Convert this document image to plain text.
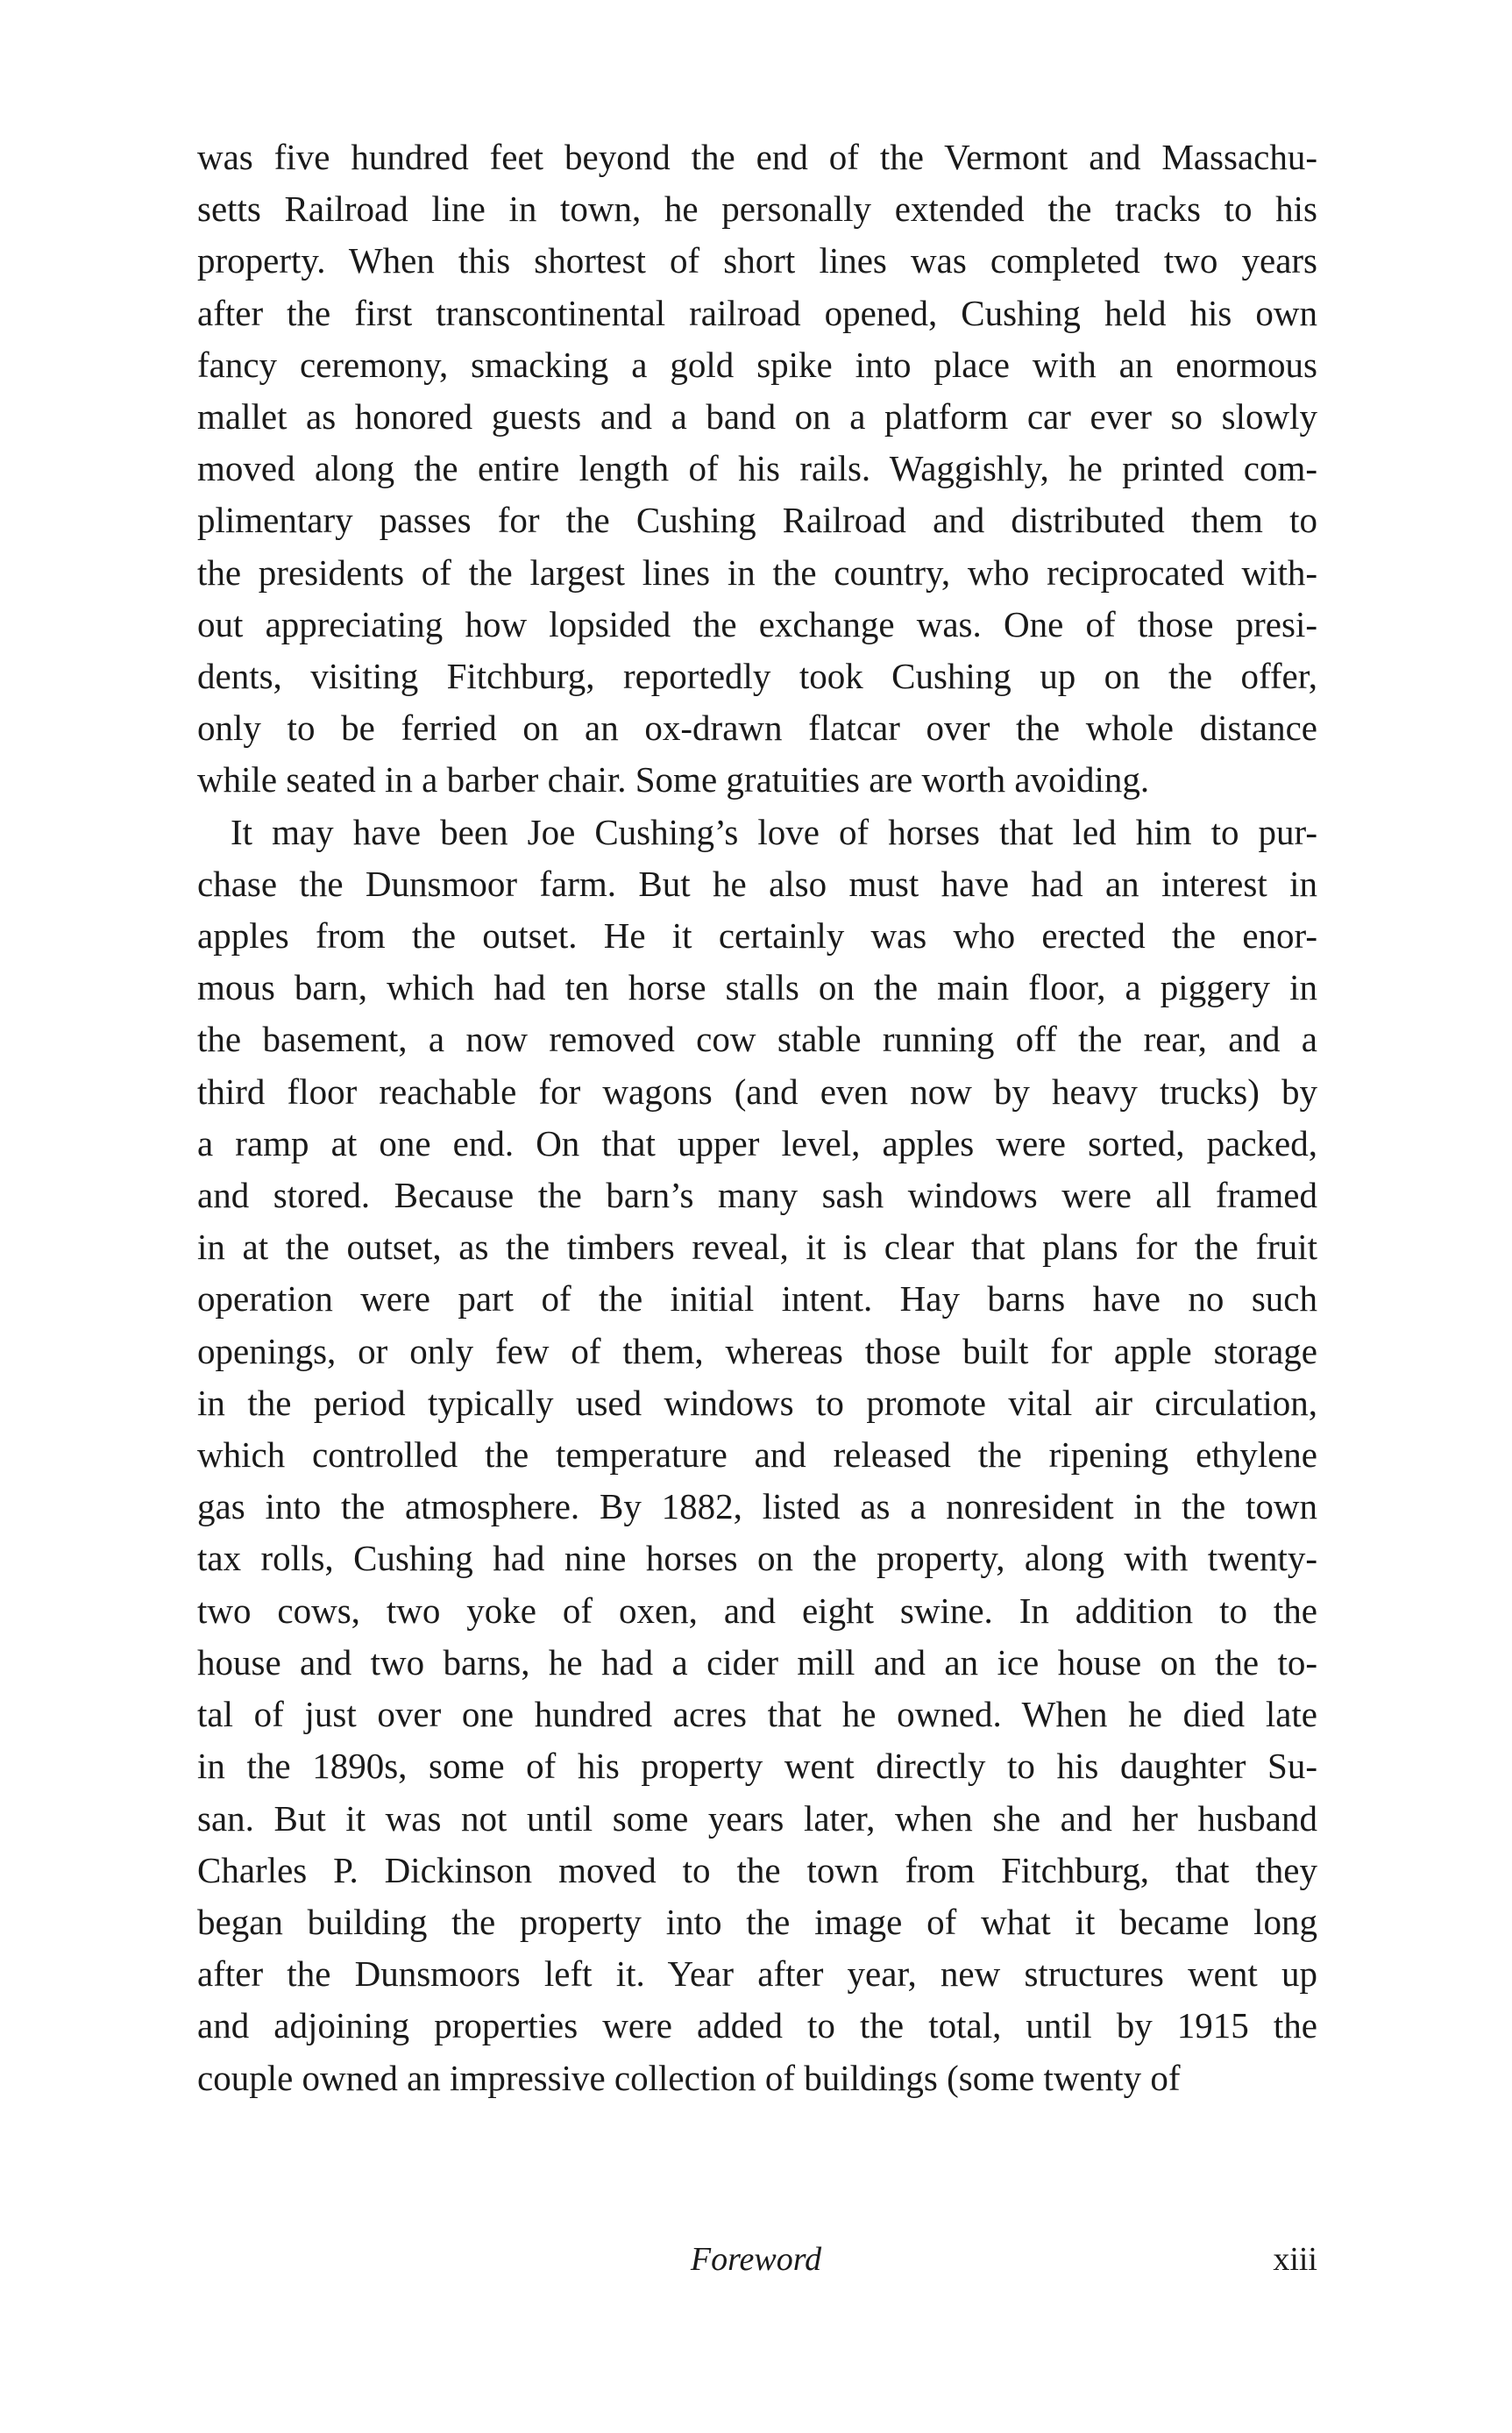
was five hundred feet beyond the end of the Vermont and Massachu-
setts Railroad line in town, he personally extended the tracks to his
property. When this shortest of short lines was completed two years
after the first transcontinental railroad opened, Cushing held his own
fancy ceremony, smacking a gold spike into place with an enormous
mallet as honored guests and a band on a platform car ever so slowly
moved along the entire length of his rails. Waggishly, he printed com-
plimentary passes for the Cushing Railroad and distributed them to
the presidents of the largest lines in the country, who reciprocated with-
out appreciating how lopsided the exchange was. One of those presi-
dents, visiting Fitchburg, reportedly took Cushing up on the offer,
only to be ferried on an ox-drawn flatcar over the whole distance
while seated in a barber chair. Some gratuities are worth avoiding.

It may have been Joe Cushing’s love of horses that led him to pur-
chase the Dunsmoor farm. But he also must have had an interest in
apples from the outset. He it certainly was who erected the enor-
mous barn, which had ten horse stalls on the main floor, a piggery in
the basement, a now removed cow stable running off the rear, and a
third floor reachable for wagons (and even now by heavy trucks) by
a ramp at one end. On that upper level, apples were sorted, packed,
and stored. Because the barn’s many sash windows were all framed
in at the outset, as the timbers reveal, it is clear that plans for the fruit
operation were part of the initial intent. Hay barns have no such
openings, or only few of them, whereas those built for apple storage
in the period typically used windows to promote vital air circulation,
which controlled the temperature and released the ripening ethylene
gas into the atmosphere. By 1882, listed as a nonresident in the town
tax rolls, Cushing had nine horses on the property, along with twenty-
two cows, two yoke of oxen, and eight swine. In addition to the
house and two barns, he had a cider mill and an ice house on the to-
tal of just over one hundred acres that he owned. When he died late
in the 1890s, some of his property went directly to his daughter Su-
san. But it was not until some years later, when she and her husband
Charles P. Dickinson moved to the town from Fitchburg, that they
began building the property into the image of what it became long
after the Dunsmoors left it. Year after year, new structures went up
and adjoining properties were added to the total, until by 1915 the
couple owned an impressive collection of buildings (some twenty of

Foreword	xiii
